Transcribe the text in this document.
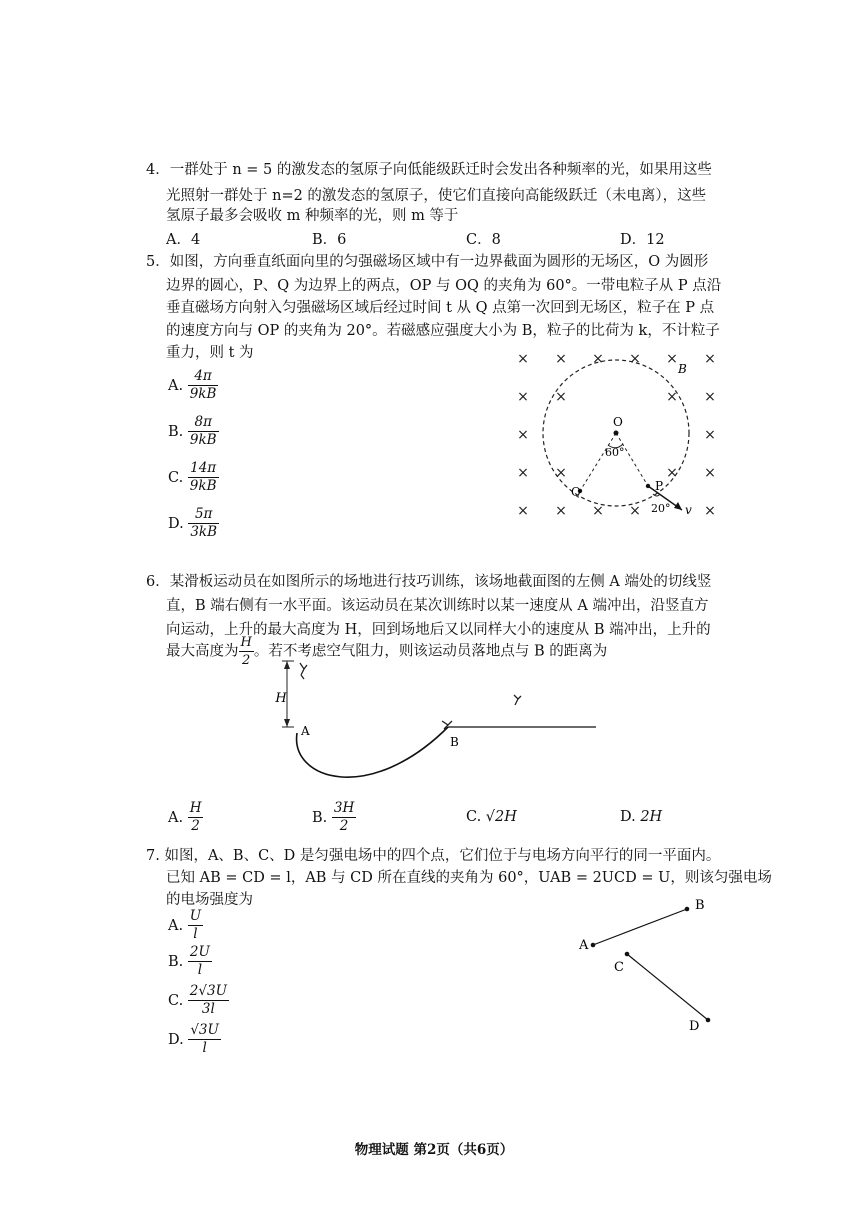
4．一群处于 n = 5 的激发态的氢原子向低能级跃迁时会发出各种频率的光，如果用这些
光照射一群处于 n=2 的激发态的氢原子，使它们直接向高能级跃迁（未电离），这些
氢原子最多会吸收 m 种频率的光，则 m 等于
A．4	B．6	C．8	D．12
5．如图，方向垂直纸面向里的匀强磁场区域中有一边界截面为圆形的无场区，O 为圆形
边界的圆心，P、Q 为边界上的两点，OP 与 OQ 的夹角为 60°。一带电粒子从 P 点沿
垂直磁场方向射入匀强磁场区域后经过时间 t 从 Q 点第一次回到无场区，粒子在 P 点
的速度方向与 OP 的夹角为 20°。若磁感应强度大小为 B，粒子的比荷为 k，不计粒子
重力，则 t 为
A. $\frac{4\pi}{9kB}$
B. $\frac{8\pi}{9kB}$
C. $\frac{14\pi}{9kB}$
D. $\frac{5\pi}{3kB}$
× × × × × ×
× ×	× ×
×	×
× ×	× ×
× × × ×	×
B
O
60°
Q	P
20° v
6．某滑板运动员在如图所示的场地进行技巧训练，该场地截面图的左侧 A 端处的切线竖
直，B 端右侧有一水平面。该运动员在某次训练时以某一速度从 A 端冲出，沿竖直方
向运动，上升的最大高度为 H，回到场地后又以同样大小的速度从 B 端冲出，上升的
最大高度为 $\frac{H}{2}$ 。若不考虑空气阻力，则该运动员落地点与 B 的距离为
H
A
B
A. $\frac{H}{2}$	B. $\frac{3H}{2}$	C. √2H	D. 2H
7. 如图，A、B、C、D 是匀强电场中的四个点，它们位于与电场方向平行的同一平面内。
已知 AB = CD = l，AB 与 CD 所在直线的夹角为 60°，UAB = 2UCD = U，则该匀强电场
的电场强度为
A. $\frac{U}{l}$
B. $\frac{2U}{l}$
C. $\frac{2√3U}{3l}$
D. $\frac{√3U}{l}$
A
B
C
D
物理试题 第2页（共6页）
